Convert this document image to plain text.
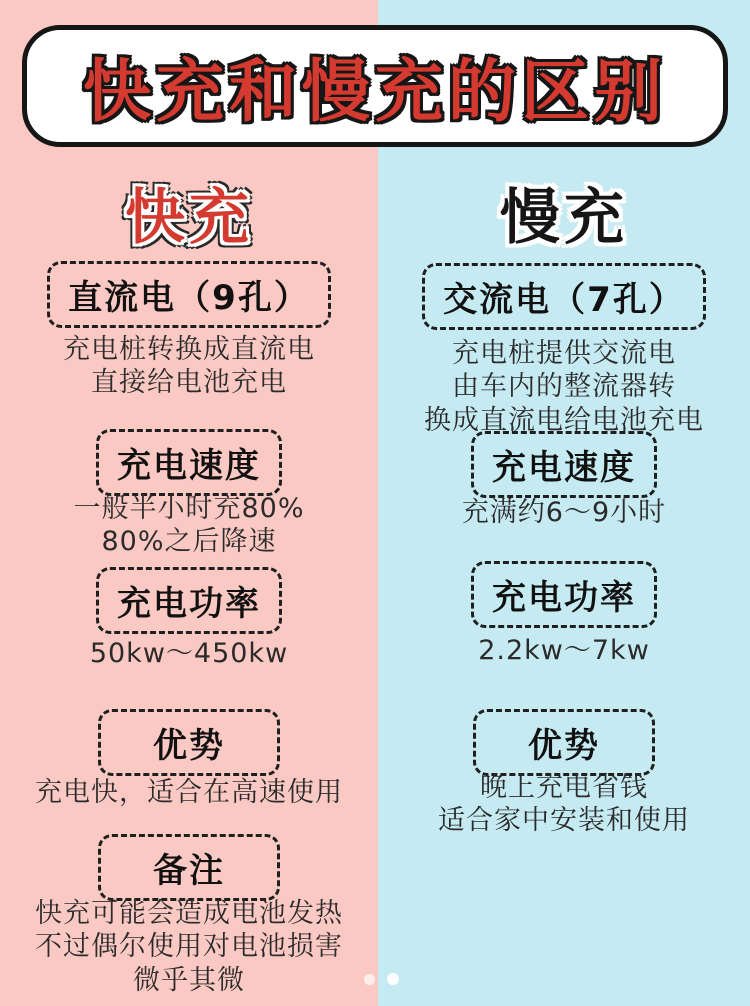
快充和慢充的区别
快充
直流电（9孔）
充电桩转换成直流电
直接给电池充电
充电速度
一般半小时充80%
80%之后降速
充电功率
50kw～450kw
优势
充电快，适合在高速使用
备注
快充可能会造成电池发热
不过偶尔使用对电池损害
微乎其微
慢充
交流电（7孔）
充电桩提供交流电
由车内的整流器转
换成直流电给电池充电
充电速度
充满约6～9小时
充电功率
2.2kw～7kw
优势
晚上充电省钱
适合家中安装和使用
